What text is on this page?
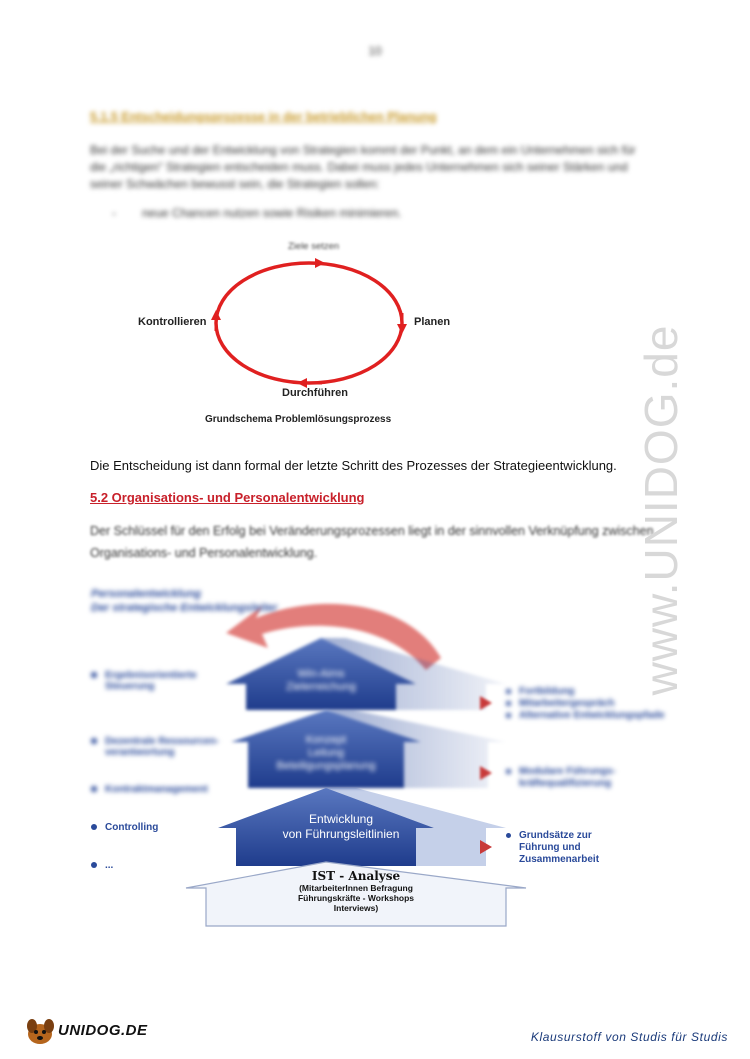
10
5.1.5 Entscheidungsprozesse in der betrieblichen Planung
Bei der Suche und der Entwicklung von Strategien kommt der Punkt, an dem ein Unternehmen sich für die „richtigen“ Strategien entscheiden muss. Dabei muss jedes Unternehmen sich seiner Stärken und seiner Schwächen bewusst sein, die Strategien sollen:
- neue Chancen nutzen sowie Risiken minimieren.
Ziele setzen
Kontrollieren	Planen
Durchführen
Grundschema Problemlösungsprozess
Die Entscheidung ist dann formal der letzte Schritt des Prozesses der Strategieentwicklung.
5.2 Organisations- und Personalentwicklung
Der Schlüssel für den Erfolg bei Veränderungsprozessen liegt in der sinnvollen Verknüpfung zwischen Organisations- und Personalentwicklung.
Personalentwicklung
Der strategische Entwicklungsleiter
Ergebnisorientierte
Steuerung
Dezentrale Ressourcen-
verantwortung
Kontraktmanagement
Controlling
...
Win-Aims
Zielerreichung
Konzept
Leitung
Beteiligungsplanung
Entwicklung
von Führungsleitlinien
IST - Analyse
(MitarbeiterInnen Befragung
Führungskräfte - Workshops
Interviews)
Fortbildung
Mitarbeitergespräch
Alternative Entwicklungspfade
Modulare Führungs-
kräftequalifizierung
Grundsätze zur
Führung und
Zusammenarbeit
www.UNIDOG.de
UNIDOG.DE	Klausurstoff von Studis für Studis
